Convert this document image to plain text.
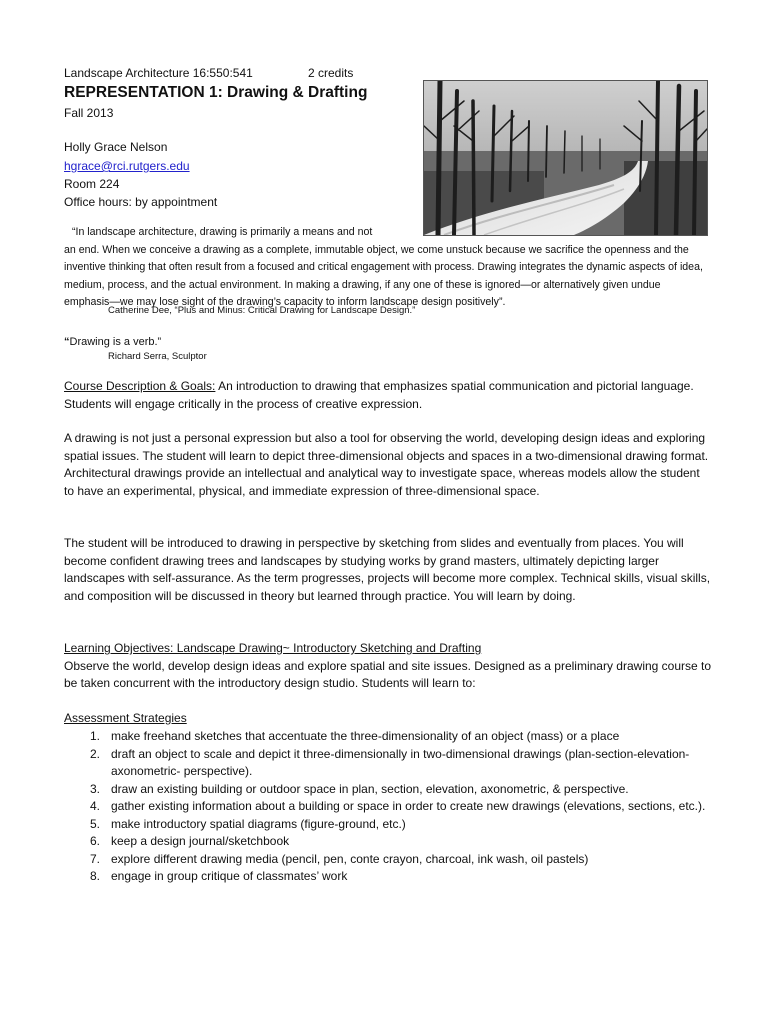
Landscape Architecture 16:550:541	2 credits
REPRESENTATION 1: Drawing & Drafting
Fall 2013
Holly Grace Nelson
hgrace@rci.rutgers.edu
Room 224
Office hours: by appointment
“In landscape architecture, drawing is primarily a means and not
an end. When we conceive a drawing as a complete, immutable object, we come unstuck because we sacrifice the openness and the inventive thinking that often result from a focused and critical engagement with process. Drawing integrates the dynamic aspects of idea, medium, process, and the actual environment. In making a drawing, if any one of these is ignored—or alternatively given undue emphasis—we may lose sight of the drawing’s capacity to inform landscape design positively”.
Catherine Dee, “Plus and Minus: Critical Drawing for Landscape Design.”
“Drawing is a verb.”
Richard Serra, Sculptor
Course Description & Goals: An introduction to drawing that emphasizes spatial communication and pictorial language. Students will engage critically in the process of creative expression.
A drawing is not just a personal expression but also a tool for observing the world, developing design ideas and exploring spatial issues. The student will learn to depict three-dimensional objects and spaces in a two-dimensional drawing format. Architectural drawings provide an intellectual and analytical way to investigate space, whereas models allow the student to have an experimental, physical, and immediate expression of three-dimensional space.
The student will be introduced to drawing in perspective by sketching from slides and eventually from places. You will become confident drawing trees and landscapes by studying works by grand masters, ultimately depicting larger landscapes with self-assurance. As the term progresses, projects will become more complex. Technical skills, visual skills, and composition will be discussed in theory but learned through practice. You will learn by doing.
Learning Objectives: Landscape Drawing~ Introductory Sketching and Drafting
Observe the world, develop design ideas and explore spatial and site issues. Designed as a preliminary drawing course to be taken concurrent with the introductory design studio. Students will learn to:
Assessment Strategies
1. make freehand sketches that accentuate the three-dimensionality of an object (mass) or a place
2. draft an object to scale and depict it three-dimensionally in two-dimensional drawings (plan-section-elevation-axonometric- perspective).
3. draw an existing building or outdoor space in plan, section, elevation, axonometric, & perspective.
4. gather existing information about a building or space in order to create new drawings (elevations, sections, etc.).
5. make introductory spatial diagrams (figure-ground, etc.)
6. keep a design journal/sketchbook
7. explore different drawing media (pencil, pen, conte crayon, charcoal, ink wash, oil pastels)
8. engage in group critique of classmates’ work
